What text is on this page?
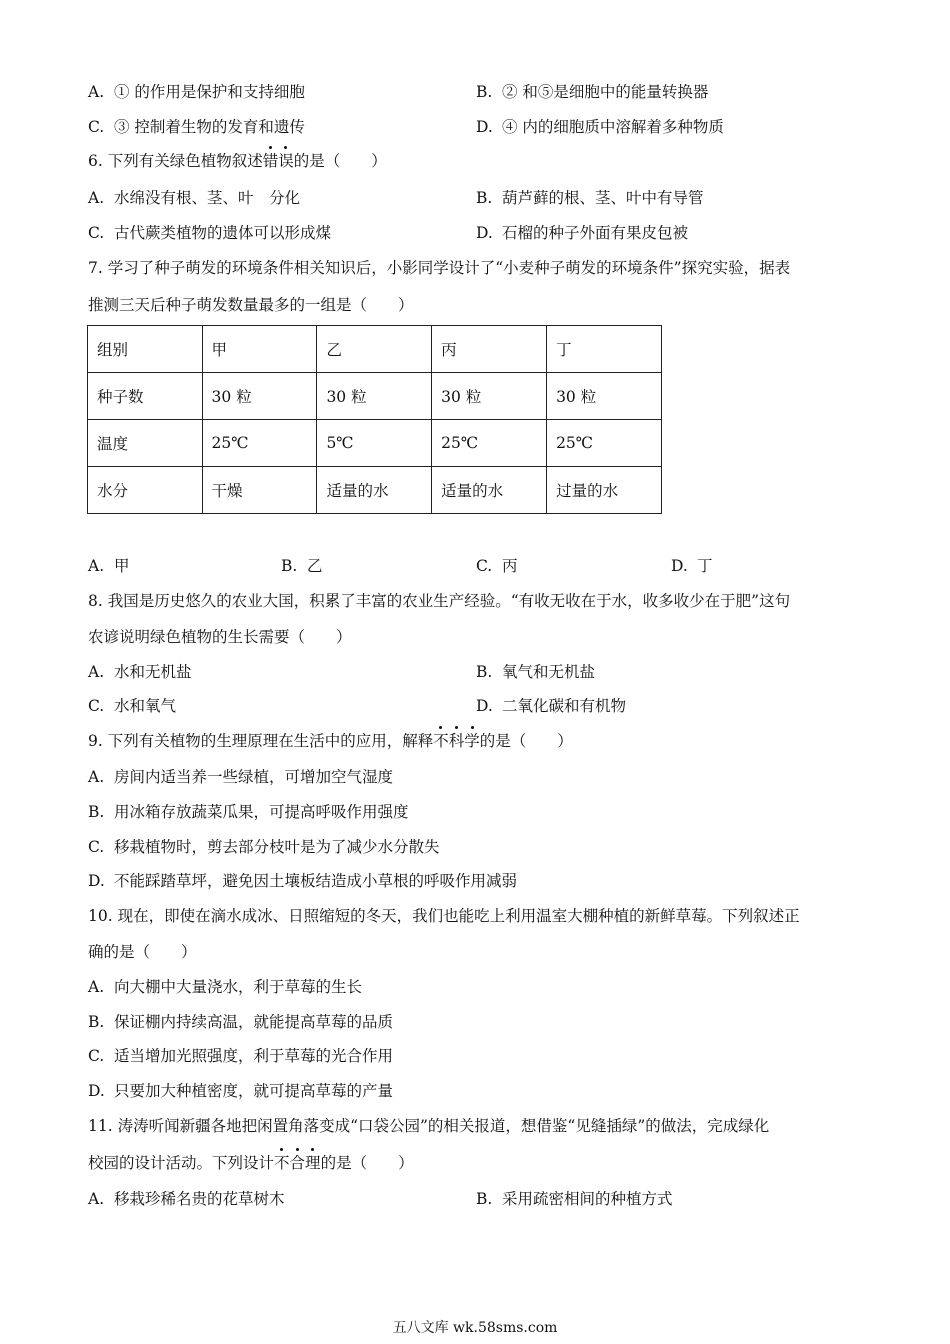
A. ① 的作用是保护和支持细胞	B. ② 和⑤是细胞中的能量转换器
C. ③ 控制着生物的发育和遗传	D. ④ 内的细胞质中溶解着多种物质
6. 下列有关绿色植物叙述错误的是（　　）
A. 水绵没有根、茎、叶　分化	B. 葫芦藓的根、茎、叶中有导管
C. 古代蕨类植物的遗体可以形成煤	D. 石榴的种子外面有果皮包被
7. 学习了种子萌发的环境条件相关知识后，小影同学设计了“小麦种子萌发的环境条件”探究实验，据表
推测三天后种子萌发数量最多的一组是（　　）
组别	甲	乙	丙	丁
种子数	30 粒	30 粒	30 粒	30 粒
温度	25℃	5℃	25℃	25℃
水分	干燥	适量的水	适量的水	过量的水
A. 甲	B. 乙	C. 丙	D. 丁
8. 我国是历史悠久的农业大国，积累了丰富的农业生产经验。“有收无收在于水，收多收少在于肥”这句
农谚说明绿色植物的生长需要（　　）
A. 水和无机盐	B. 氧气和无机盐
C. 水和氧气	D. 二氧化碳和有机物
9. 下列有关植物的生理原理在生活中的应用，解释不科学的是（　　）
A. 房间内适当养一些绿植，可增加空气湿度
B. 用冰箱存放蔬菜瓜果，可提高呼吸作用强度
C. 移栽植物时，剪去部分枝叶是为了减少水分散失
D. 不能踩踏草坪，避免因土壤板结造成小草根的呼吸作用减弱
10. 现在，即使在滴水成冰、日照缩短的冬天，我们也能吃上利用温室大棚种植的新鲜草莓。下列叙述正
确的是（　　）
A. 向大棚中大量浇水，利于草莓的生长
B. 保证棚内持续高温，就能提高草莓的品质
C. 适当增加光照强度，利于草莓的光合作用
D. 只要加大种植密度，就可提高草莓的产量
11. 涛涛听闻新疆各地把闲置角落变成“口袋公园”的相关报道，想借鉴“见缝插绿”的做法，完成绿化
校园的设计活动。下列设计不合理的是（　　）
A. 移栽珍稀名贵的花草树木	B. 采用疏密相间的种植方式
五八文库 wk.58sms.com
